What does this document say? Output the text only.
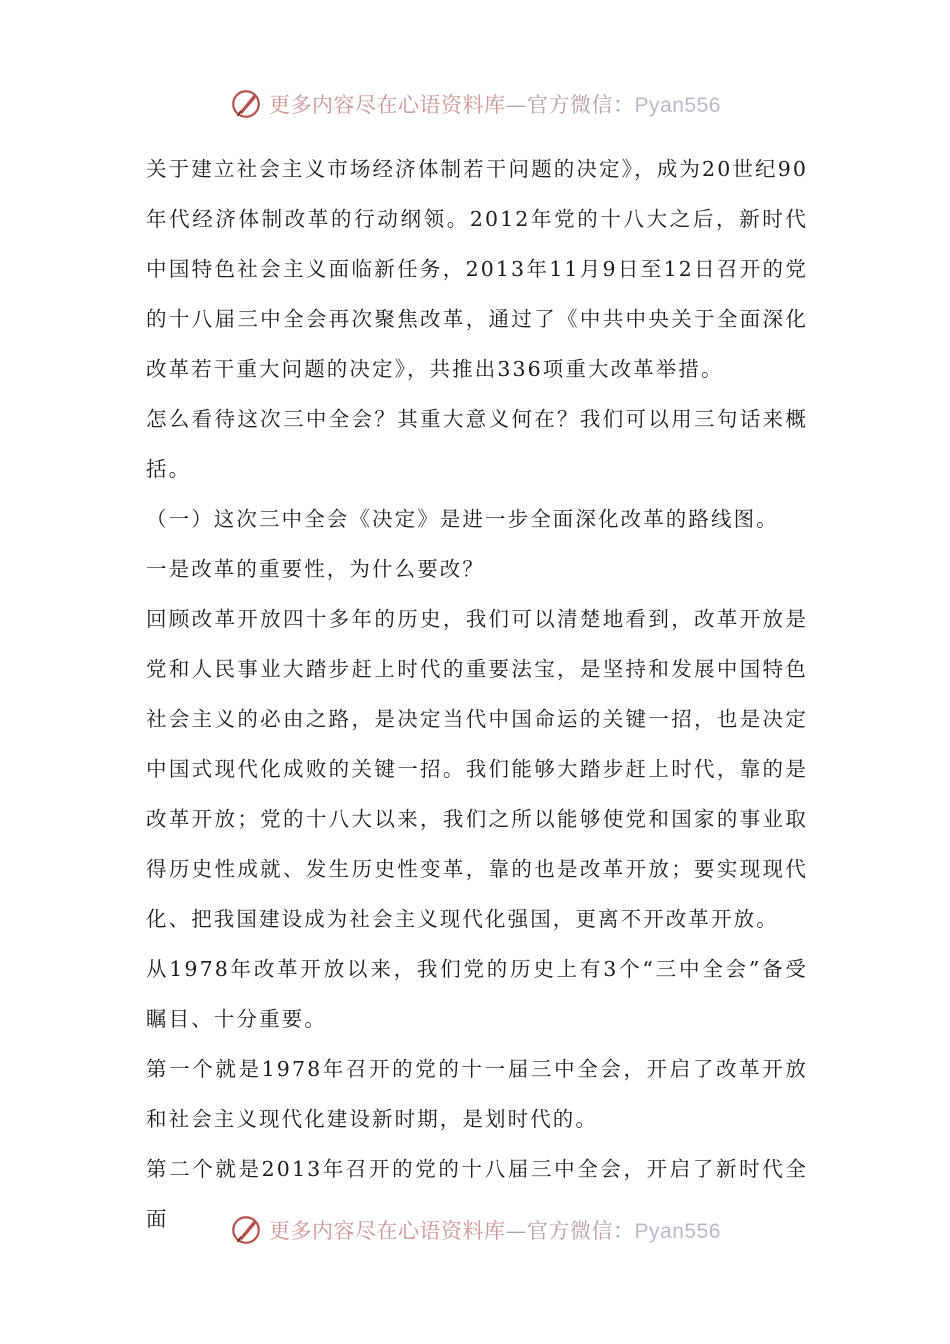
更多内容尽在心语资料库—官方微信：Pyan556

关于建立社会主义市场经济体制若干问题的决定》，成为20世纪90年代经济体制改革的行动纲领。2012年党的十八大之后，新时代中国特色社会主义面临新任务，2013年11月9日至12日召开的党的十八届三中全会再次聚焦改革，通过了《中共中央关于全面深化改革若干重大问题的决定》，共推出336项重大改革举措。

怎么看待这次三中全会？其重大意义何在？我们可以用三句话来概括。

（一）这次三中全会《决定》是进一步全面深化改革的路线图。

一是改革的重要性，为什么要改？

回顾改革开放四十多年的历史，我们可以清楚地看到，改革开放是党和人民事业大踏步赶上时代的重要法宝，是坚持和发展中国特色社会主义的必由之路，是决定当代中国命运的关键一招，也是决定中国式现代化成败的关键一招。我们能够大踏步赶上时代，靠的是改革开放；党的十八大以来，我们之所以能够使党和国家的事业取得历史性成就、发生历史性变革，靠的也是改革开放；要实现现代化、把我国建设成为社会主义现代化强国，更离不开改革开放。

从1978年改革开放以来，我们党的历史上有3个“三中全会”备受瞩目、十分重要。

第一个就是1978年召开的党的十一届三中全会，开启了改革开放和社会主义现代化建设新时期，是划时代的。

第二个就是2013年召开的党的十八届三中全会，开启了新时代全面	更多内容尽在心语资料库—官方微信：Pyan556
